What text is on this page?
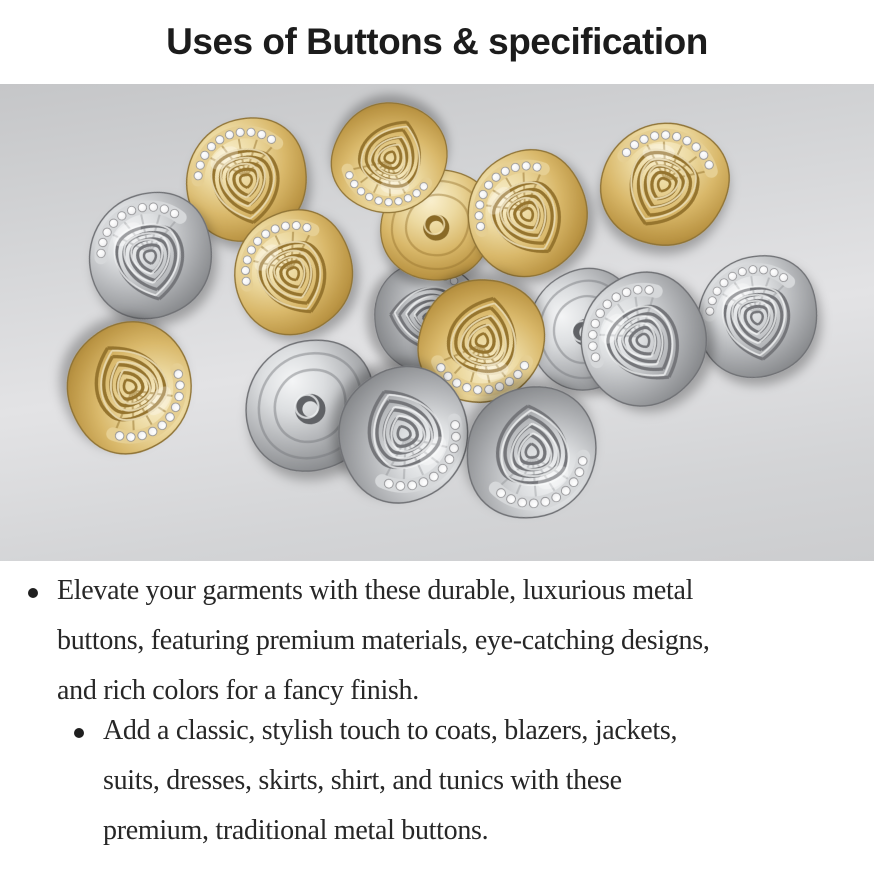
Uses of Buttons & specification
Elevate your garments with these durable, luxurious metal
buttons, featuring premium materials, eye-catching designs,
and rich colors for a fancy finish.
Add a classic, stylish touch to coats, blazers, jackets,
suits, dresses, skirts, shirt, and tunics with these
premium, traditional metal buttons.
